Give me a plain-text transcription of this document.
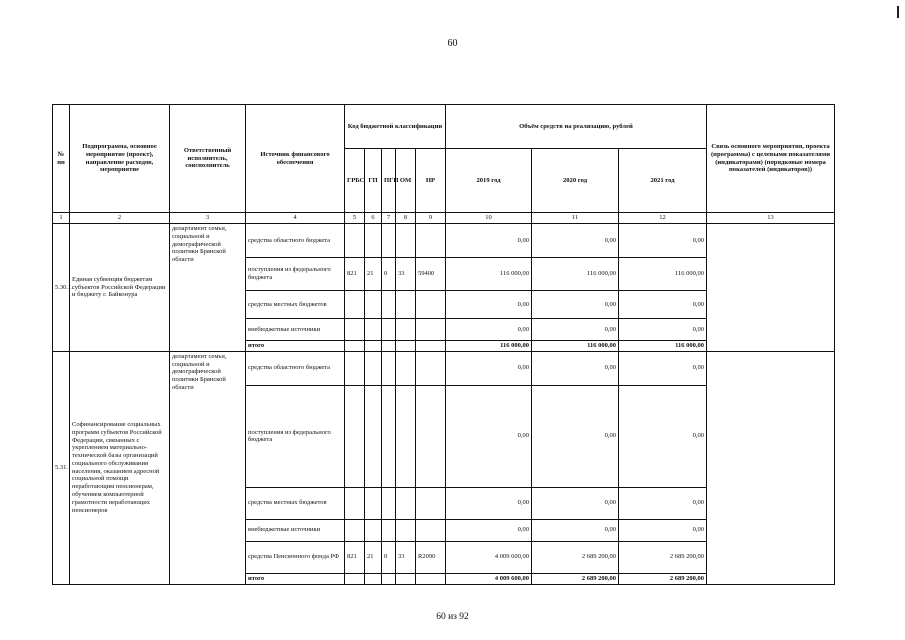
60
№ пп	Подпрограмма, основное мероприятие (проект), направление расходов, мероприятие	Ответственный исполнитель, соисполнитель	Источник финансового обеспечения	Код бюджетной классификации					Объём средств на реализацию, рублей			Связь основного мероприятия, проекта (программы) с целевыми показателями (индикаторами) (порядковые номера показателей (индикаторов))
				ГРБС	ГП	ПГП	ОМ	НР	2019 год	2020 год	2021 год	
1	2	3	4	5	6	7	8	9	10	11	12	13
5.30.1.	Единая субвенция бюджетам субъектов Российской Федерации и бюджету г. Байконура	департамент семьи, социальной и демографической политики Брянской области	средства областного бюджета						0,00	0,00	0,00	
			поступления из федерального бюджета	821	21	0	33	59400	116 000,00	116 000,00	116 000,00	
			средства местных бюджетов						0,00	0,00	0,00	
			внебюджетные источники						0,00	0,00	0,00	
			итого						116 000,00	116 000,00	116 000,00	
5.31.	Софинансирование социальных программ субъектов Российской Федерации, связанных с укреплением материально-технической базы организаций социального обслуживания населения, оказанием адресной социальной помощи неработающим пенсионерам, обучением компьютерной грамотности неработающих пенсионеров	департамент семьи, социальной и демографической политики Брянской области	средства областного бюджета						0,00	0,00	0,00	
			поступления из федерального бюджета						0,00	0,00	0,00	
			средства местных бюджетов						0,00	0,00	0,00	
			внебюджетные источники						0,00	0,00	0,00	
			средства Пенсионного фонда РФ	821	21	0	33	R2090	4 009 600,00	2 689 200,00	2 689 200,00	
			итого						4 009 600,00	2 689 200,00	2 689 200,00	
60 из 92
